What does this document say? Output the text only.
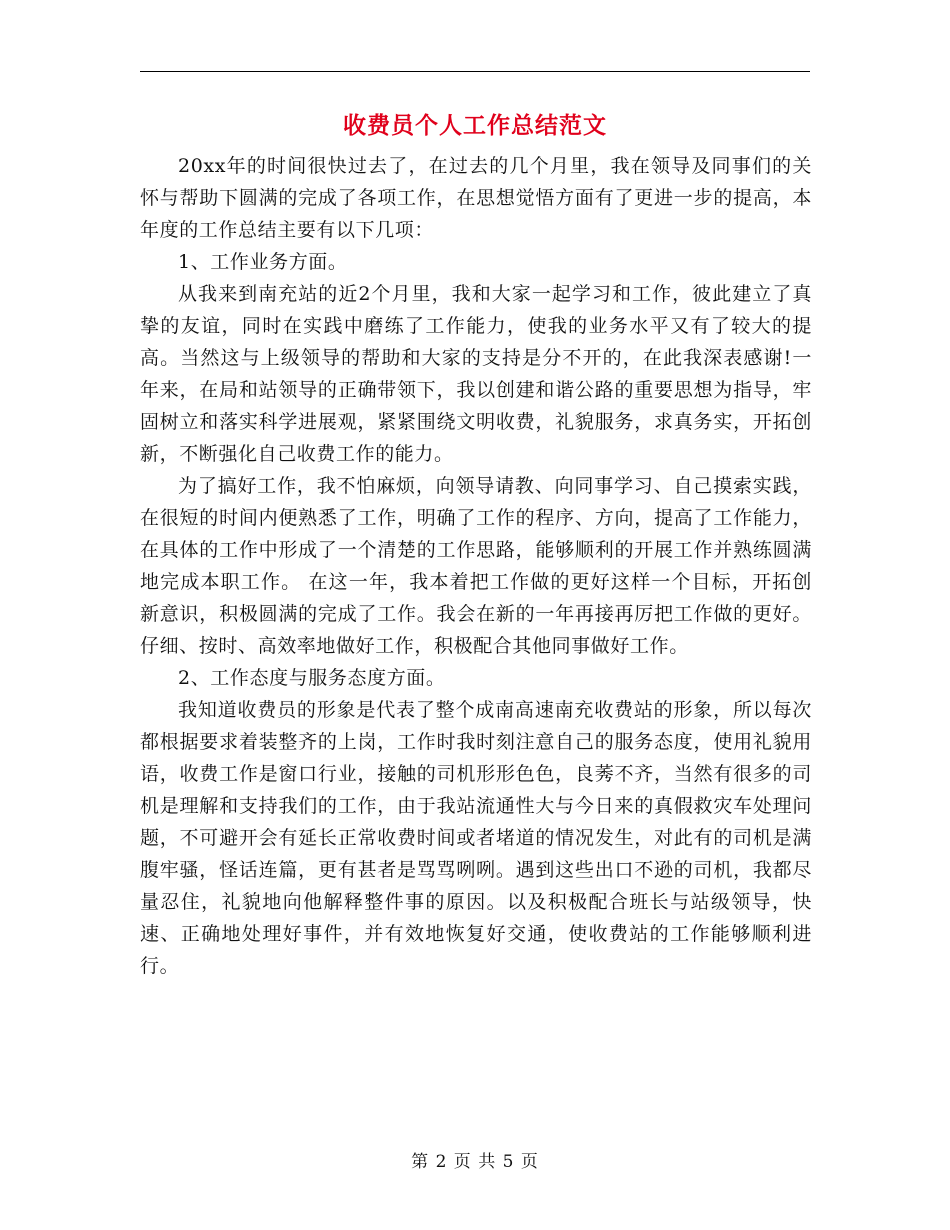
收费员个人工作总结范文

20xx年的时间很快过去了，在过去的几个月里，我在领导及同事们的关怀与帮助下圆满的完成了各项工作，在思想觉悟方面有了更进一步的提高，本年度的工作总结主要有以下几项：

1、工作业务方面。

从我来到南充站的近2个月里，我和大家一起学习和工作，彼此建立了真挚的友谊，同时在实践中磨练了工作能力，使我的业务水平又有了较大的提高。当然这与上级领导的帮助和大家的支持是分不开的，在此我深表感谢!一年来，在局和站领导的正确带领下，我以创建和谐公路的重要思想为指导，牢固树立和落实科学进展观，紧紧围绕文明收费，礼貌服务，求真务实，开拓创新，不断强化自己收费工作的能力。

为了搞好工作，我不怕麻烦，向领导请教、向同事学习、自己摸索实践，在很短的时间内便熟悉了工作，明确了工作的程序、方向，提高了工作能力，在具体的工作中形成了一个清楚的工作思路，能够顺利的开展工作并熟练圆满地完成本职工作。 在这一年，我本着把工作做的更好这样一个目标，开拓创新意识，积极圆满的完成了工作。我会在新的一年再接再厉把工作做的更好。仔细、按时、高效率地做好工作，积极配合其他同事做好工作。

2、工作态度与服务态度方面。

我知道收费员的形象是代表了整个成南高速南充收费站的形象，所以每次都根据要求着装整齐的上岗，工作时我时刻注意自己的服务态度，使用礼貌用语，收费工作是窗口行业，接触的司机形形色色，良莠不齐，当然有很多的司机是理解和支持我们的工作，由于我站流通性大与今日来的真假救灾车处理问题，不可避开会有延长正常收费时间或者堵道的情况发生，对此有的司机是满腹牢骚，怪话连篇，更有甚者是骂骂咧咧。遇到这些出口不逊的司机，我都尽量忍住，礼貌地向他解释整件事的原因。以及积极配合班长与站级领导，快速、正确地处理好事件，并有效地恢复好交通，使收费站的工作能够顺利进行。

第 2 页 共 5 页
